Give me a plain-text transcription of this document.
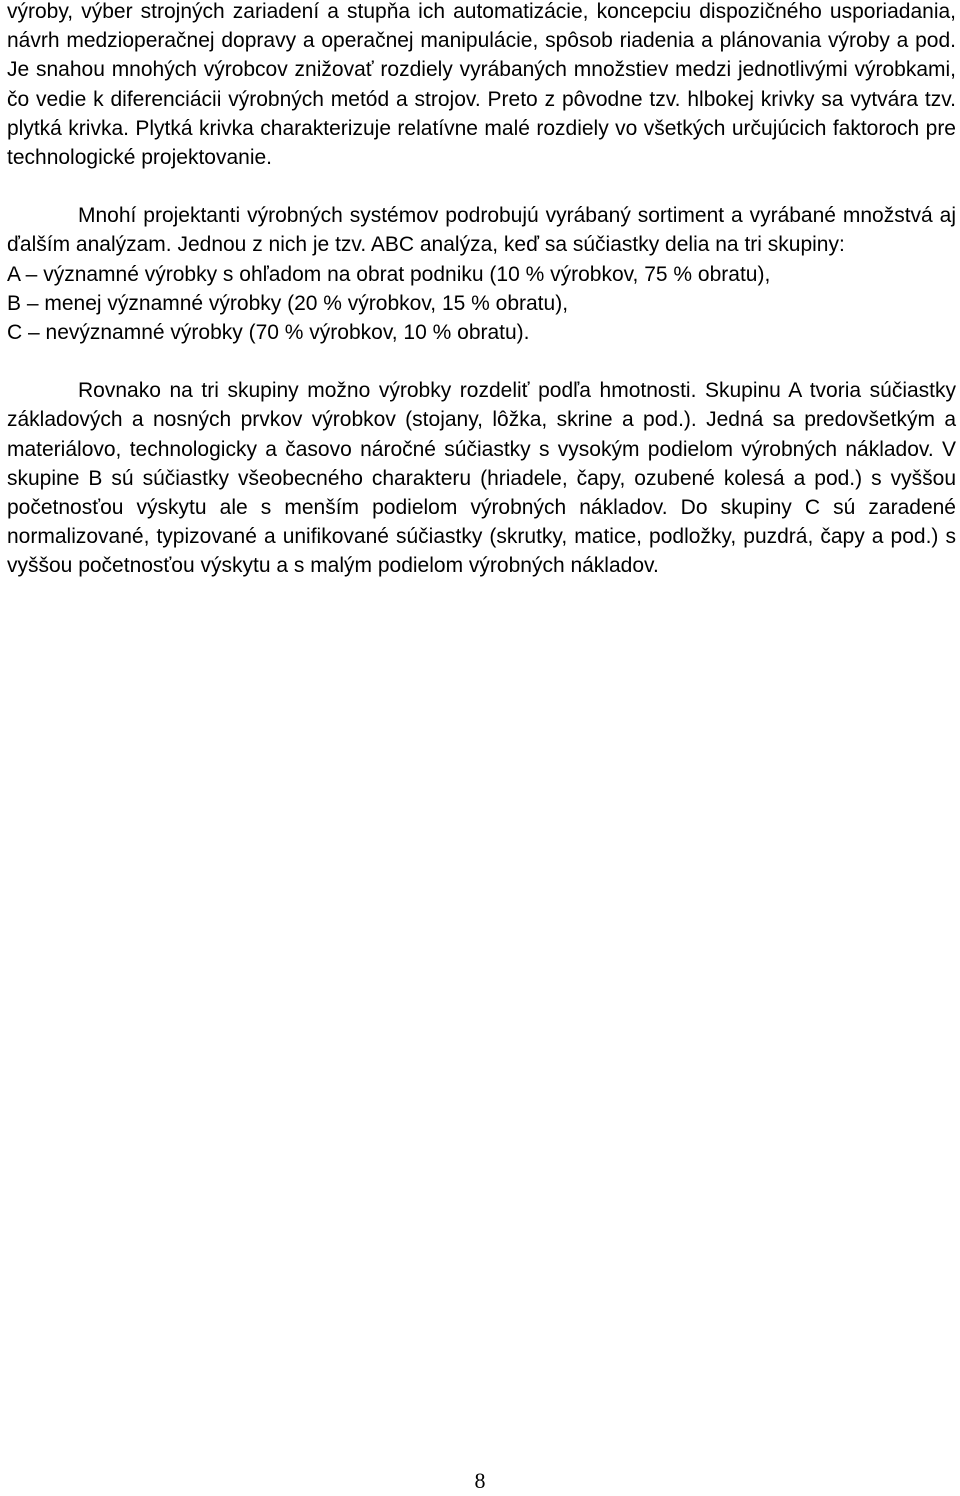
výroby, výber strojných zariadení a stupňa ich automatizácie, koncepciu dispozičného usporiadania, návrh medzioperačnej dopravy a operačnej manipulácie, spôsob riadenia a plánovania výroby a pod. Je snahou mnohých výrobcov znižovať rozdiely vyrábaných množstiev medzi jednotlivými výrobkami, čo vedie k diferenciácii výrobných metód a strojov. Preto z pôvodne tzv. hlbokej krivky sa vytvára tzv. plytká krivka. Plytká krivka charakterizuje relatívne malé rozdiely vo všetkých určujúcich faktoroch pre technologické projektovanie.

Mnohí projektanti výrobných systémov podrobujú vyrábaný sortiment a vyrábané množstvá aj ďalším analýzam. Jednou z nich je tzv. ABC analýza, keď sa súčiastky delia na tri skupiny:

A – významné výrobky s ohľadom na obrat podniku (10 % výrobkov, 75 % obratu),

B – menej významné výrobky (20 % výrobkov, 15 % obratu),

C – nevýznamné výrobky (70 % výrobkov, 10 % obratu).

Rovnako na tri skupiny možno výrobky rozdeliť podľa hmotnosti. Skupinu A tvoria súčiastky základových a nosných prvkov výrobkov (stojany, lôžka, skrine a pod.). Jedná sa predovšetkým a materiálovo, technologicky a časovo náročné súčiastky s vysokým podielom výrobných nákladov. V skupine B sú súčiastky všeobecného charakteru (hriadele, čapy, ozubené kolesá a pod.) s vyššou početnosťou výskytu ale s menším podielom výrobných nákladov. Do skupiny C sú zaradené normalizované, typizované a unifikované súčiastky (skrutky, matice, podložky, puzdrá, čapy a pod.) s vyššou početnosťou výskytu a s malým podielom výrobných nákladov.

8
